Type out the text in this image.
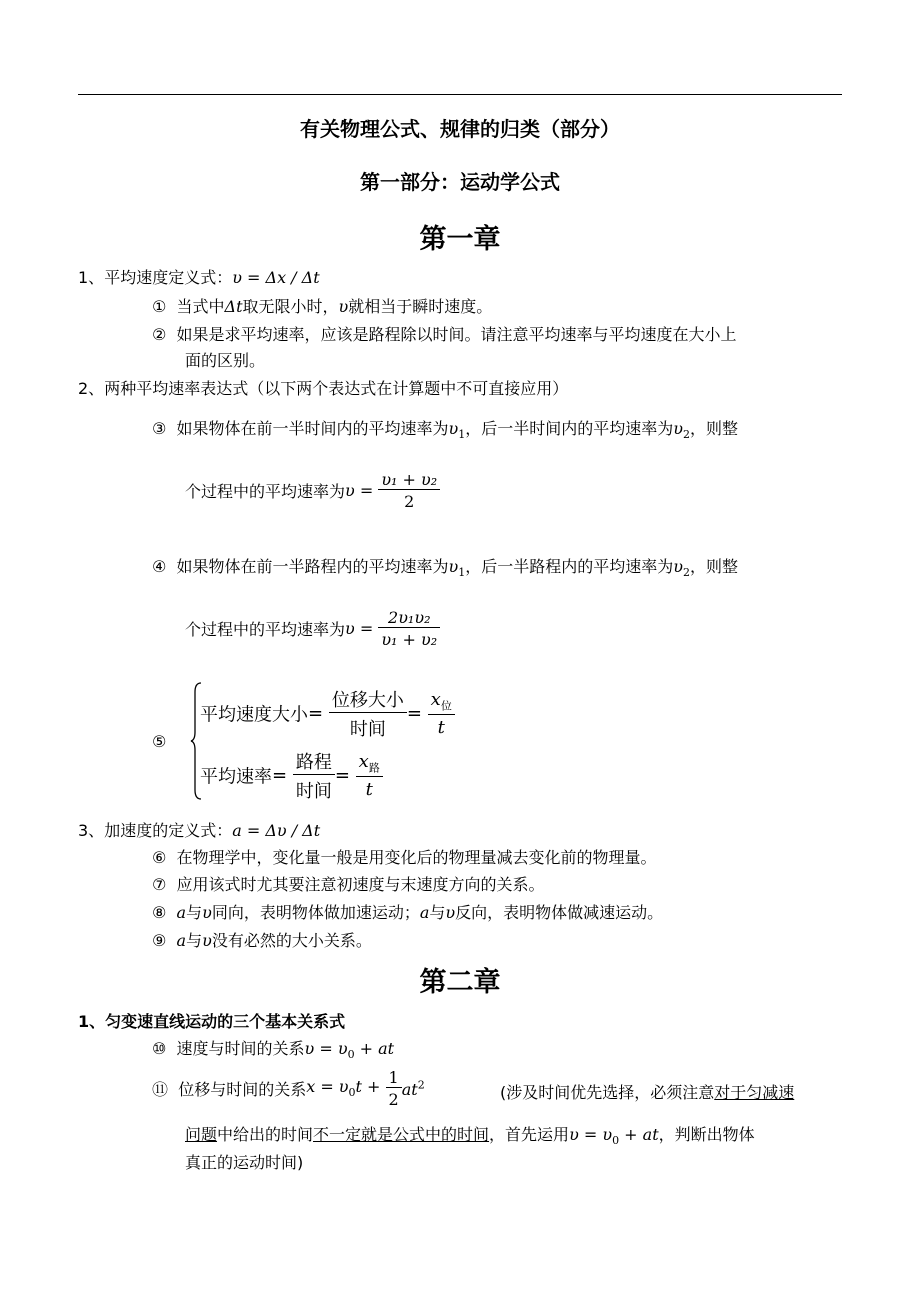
有关物理公式、规律的归类（部分）
第一部分：运动学公式
第一章
1、平均速度定义式：υ = Δx / Δt
① 当式中Δt取无限小时，υ就相当于瞬时速度。
② 如果是求平均速率，应该是路程除以时间。请注意平均速率与平均速度在大小上
面的区别。
2、两种平均速率表达式（以下两个表达式在计算题中不可直接应用）
③ 如果物体在前一半时间内的平均速率为$\upsilon_1$，后一半时间内的平均速率为$\upsilon_2$，则整
个过程中的平均速率为$\upsilon = \frac{\text{υ₁ + υ₂}}{2}$
④ 如果物体在前一半路程内的平均速率为$\upsilon_1$，后一半路程内的平均速率为$\upsilon_2$，则整
个过程中的平均速率为$\upsilon = \frac{\text{2υ₁υ₂}}{\text{υ₁ + υ₂}}$
⑤
平均速度大小= $\frac{\text{位移大小}}{\text{时间}} = \frac{x_位}{t}$
平均速率= $\frac{\text{路程}}{\text{时间}} = \frac{x_路}{t}$
3、加速度的定义式：a = Δυ / Δt
⑥ 在物理学中，变化量一般是用变化后的物理量减去变化前的物理量。
⑦ 应用该式时尤其要注意初速度与末速度方向的关系。
⑧ a与υ同向，表明物体做加速运动；a与υ反向，表明物体做减速运动。
⑨ a与υ没有必然的大小关系。
第二章
1、匀变速直线运动的三个基本关系式
⑩ 速度与时间的关系$\upsilon = \upsilon_0$ + at
⑪ 位移与时间的关系$x = \upsilon_0t + \frac{1}{2} at^2$	(涉及时间优先选择，必须注意对于匀减速
问题中给出的时间不一定就是公式中的时间，首先运用$\upsilon = \upsilon_0$ + at，判断出物体
真正的运动时间)
